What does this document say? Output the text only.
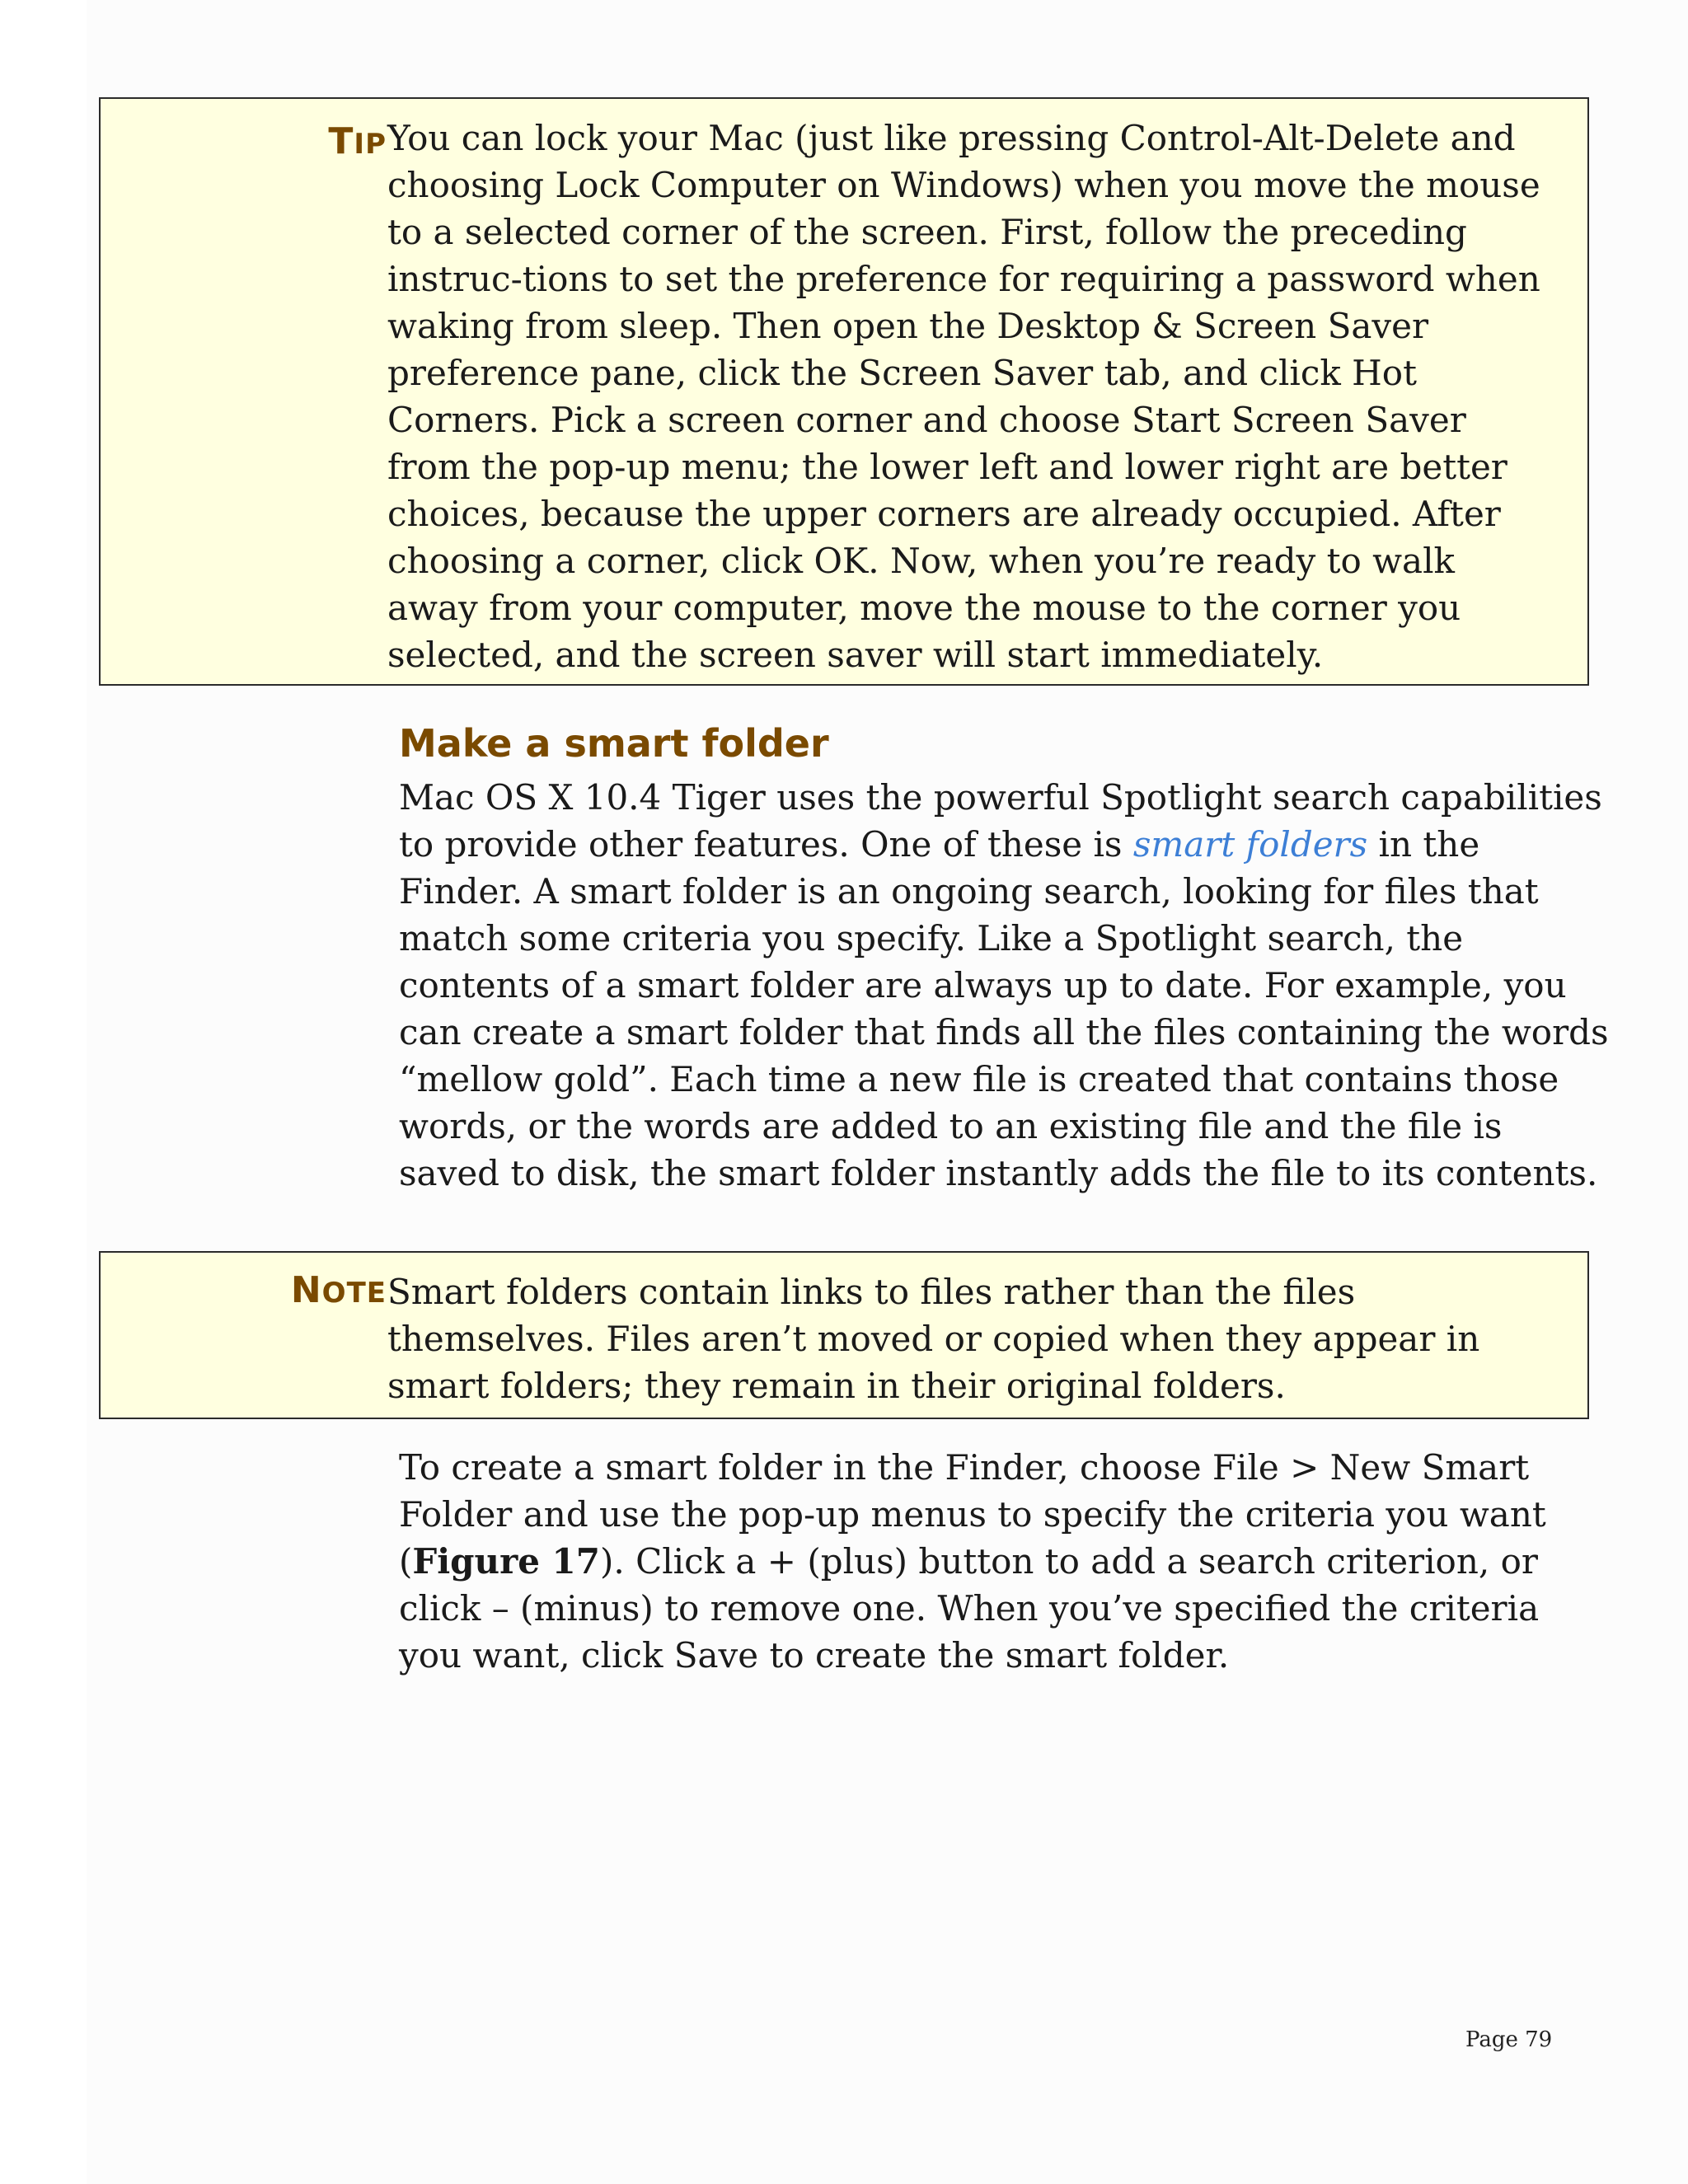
TIP You can lock your Mac (just like pressing Control-Alt-Delete and choosing Lock Computer on Windows) when you move the mouse to a selected corner of the screen. First, follow the preceding instruc-tions to set the preference for requiring a password when waking from sleep. Then open the Desktop & Screen Saver preference pane, click the Screen Saver tab, and click Hot Corners. Pick a screen corner and choose Start Screen Saver from the pop-up menu; the lower left and lower right are better choices, because the upper corners are already occupied. After choosing a corner, click OK. Now, when you’re ready to walk away from your computer, move the mouse to the corner you selected, and the screen saver will start immediately.
Make a smart folder
Mac OS X 10.4 Tiger uses the powerful Spotlight search capabilities to provide other features. One of these is smart folders in the Finder. A smart folder is an ongoing search, looking for files that match some criteria you specify. Like a Spotlight search, the contents of a smart folder are always up to date. For example, you can create a smart folder that finds all the files containing the words “mellow gold”. Each time a new file is created that contains those words, or the words are added to an existing file and the file is saved to disk, the smart folder instantly adds the file to its contents.
NOTE Smart folders contain links to files rather than the files themselves. Files aren’t moved or copied when they appear in smart folders; they remain in their original folders.
To create a smart folder in the Finder, choose File > New Smart Folder and use the pop-up menus to specify the criteria you want (Figure 17). Click a + (plus) button to add a search criterion, or click – (minus) to remove one. When you’ve specified the criteria you want, click Save to create the smart folder.
Page 79
